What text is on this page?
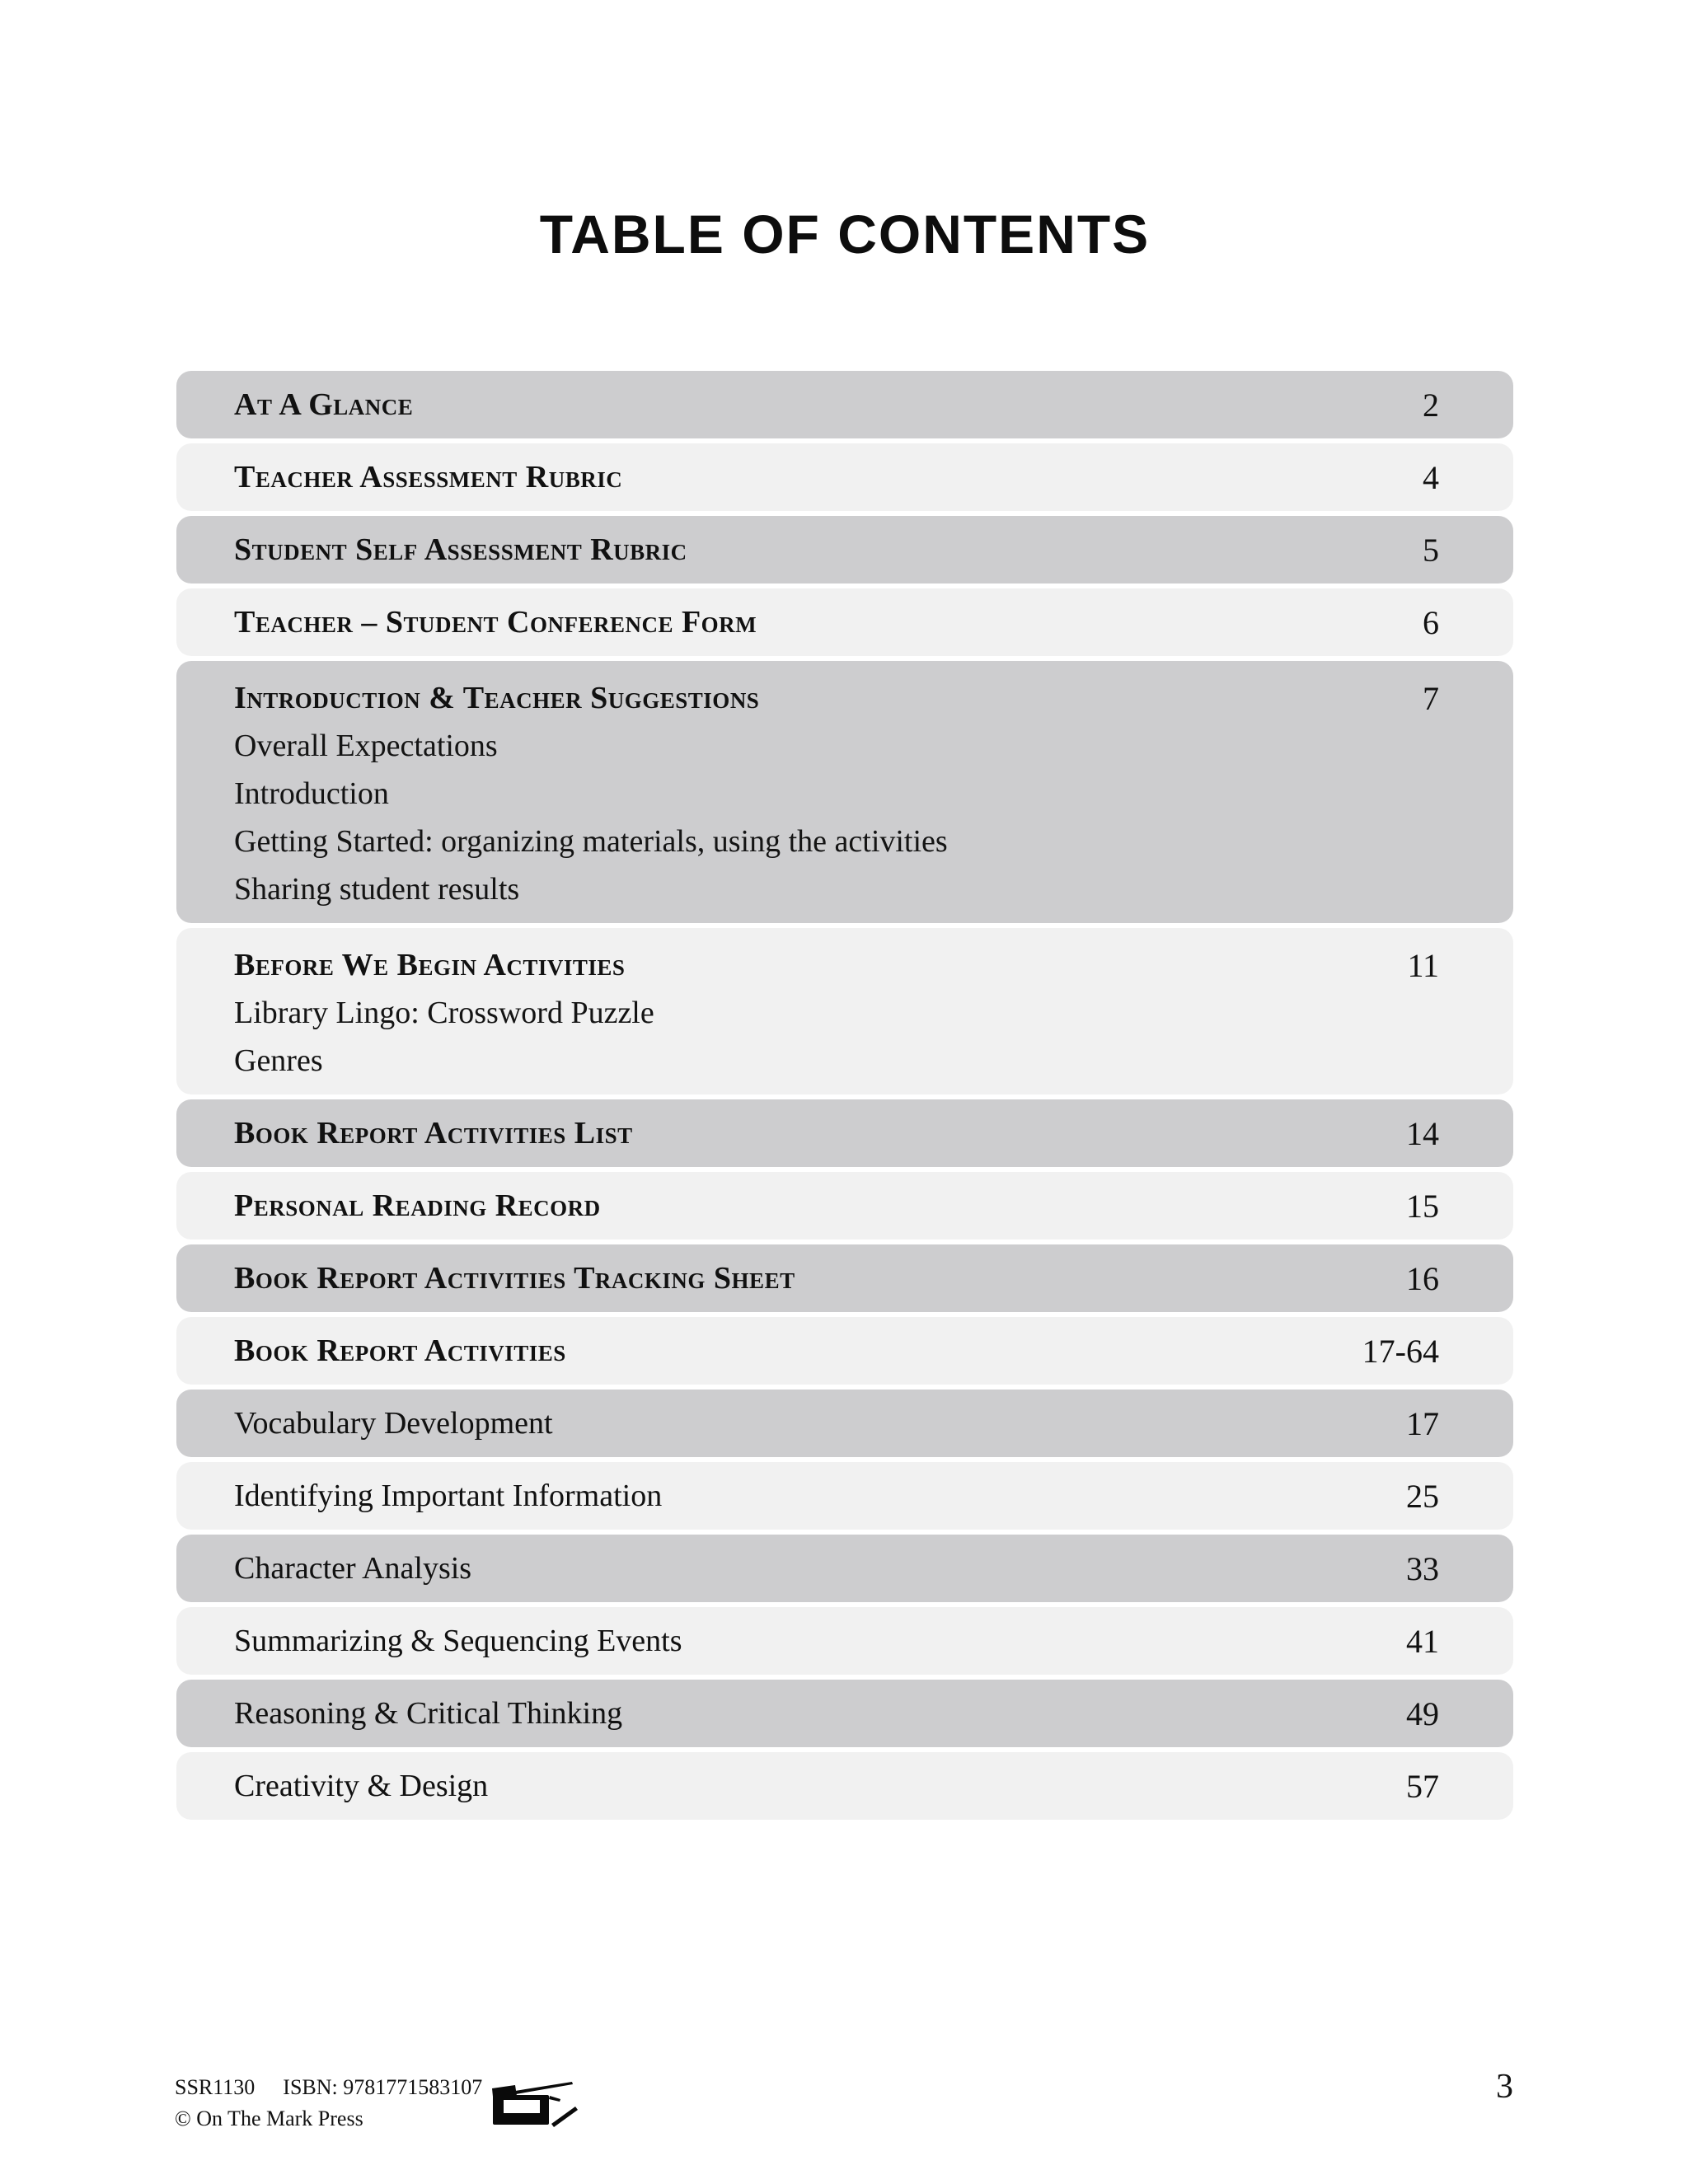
TABLE OF CONTENTS
At A Glance	2
Teacher Assessment Rubric	4
Student Self Assessment Rubric	5
Teacher – Student Conference Form	6
Introduction & Teacher Suggestions	7
Overall Expectations
Introduction
Getting Started: organizing materials, using the activities
Sharing student results
Before We Begin Activities	11
Library Lingo: Crossword Puzzle
Genres
Book Report Activities List	14
Personal Reading Record	15
Book Report Activities Tracking Sheet	16
Book Report Activities	17-64
Vocabulary Development	17
Identifying Important Information	25
Character Analysis	33
Summarizing & Sequencing Events	41
Reasoning & Critical Thinking	49
Creativity & Design	57
SSR1130 ISBN: 9781771583107
© On The Mark Press
3
